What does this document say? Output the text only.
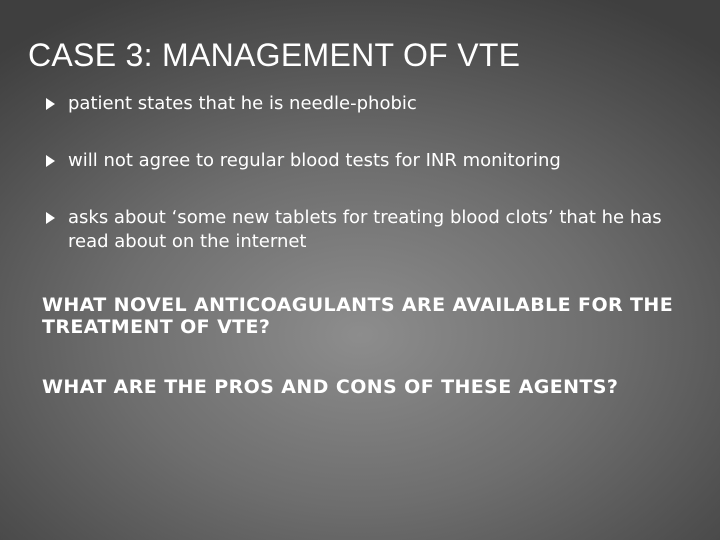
CASE 3: MANAGEMENT OF VTE
patient states that he is needle-phobic
will not agree to regular blood tests for INR monitoring
asks about ‘some new tablets for treating blood clots’ that he has read about on the internet

WHAT NOVEL ANTICOAGULANTS ARE AVAILABLE FOR THE TREATMENT OF VTE?

WHAT ARE THE PROS AND CONS OF THESE AGENTS?
